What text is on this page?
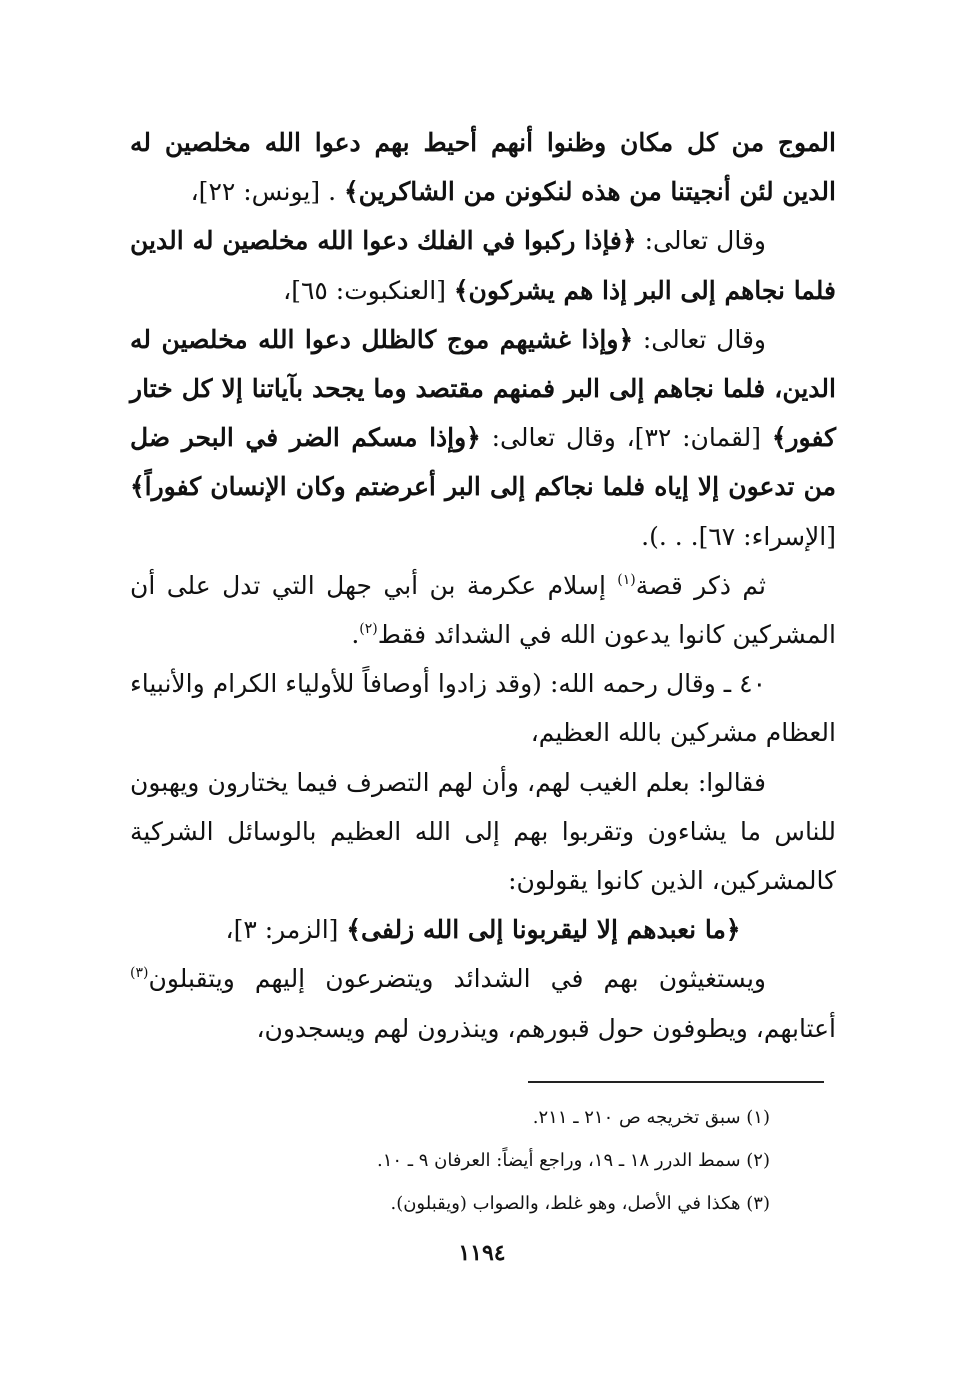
الموج من كل مكان وظنوا أنهم أحيط بهم دعوا الله مخلصين له الدين لئن أنجيتنا من هذه لنكونن من الشاكرين﴾ . [يونس: ٢٢]،

وقال تعالى: ﴿فإذا ركبوا في الفلك دعوا الله مخلصين له الدين فلما نجاهم إلى البر إذا هم يشركون﴾ [العنكبوت: ٦٥]،

وقال تعالى: ﴿وإذا غشيهم موج كالظلل دعوا الله مخلصين له الدين، فلما نجاهم إلى البر فمنهم مقتصد وما يجحد بآياتنا إلا كل ختار كفور﴾ [لقمان: ٣٢]، وقال تعالى: ﴿وإذا مسكم الضر في البحر ضل من تدعون إلا إياه فلما نجاكم إلى البر أعرضتم وكان الإنسان كفوراً﴾ [الإسراء: ٦٧]. . .).

ثم ذكر قصة$^{(١)}$ إسلام عكرمة بن أبي جهل التي تدل على أن المشركين كانوا يدعون الله في الشدائد فقط$^{(٢)}$.

٤٠ ـ وقال رحمه الله: (وقد زادوا أوصافاً للأولياء الكرام والأنبياء العظام مشركين بالله العظيم،

فقالوا: بعلم الغيب لهم، وأن لهم التصرف فيما يختارون ويهبون للناس ما يشاءون وتقربوا بهم إلى الله العظيم بالوسائل الشركية كالمشركين، الذين كانوا يقولون:

﴿ما نعبدهم إلا ليقربونا إلى الله زلفى﴾ [الزمر: ٣]،

ويستغيثون بهم في الشدائد ويتضرعون إليهم ويتقبلون$^{(٣)}$ أعتابهم، ويطوفون حول قبورهم، وينذرون لهم ويسجدون،

(١) سبق تخريجه ص ٢١٠ ـ ٢١١.

(٢) سمط الدرر ١٨ ـ ١٩، وراجع أيضاً: العرفان ٩ ـ ١٠.

(٣) هكذا في الأصل، وهو غلط، والصواب (ويقبلون).

١١٩٤
